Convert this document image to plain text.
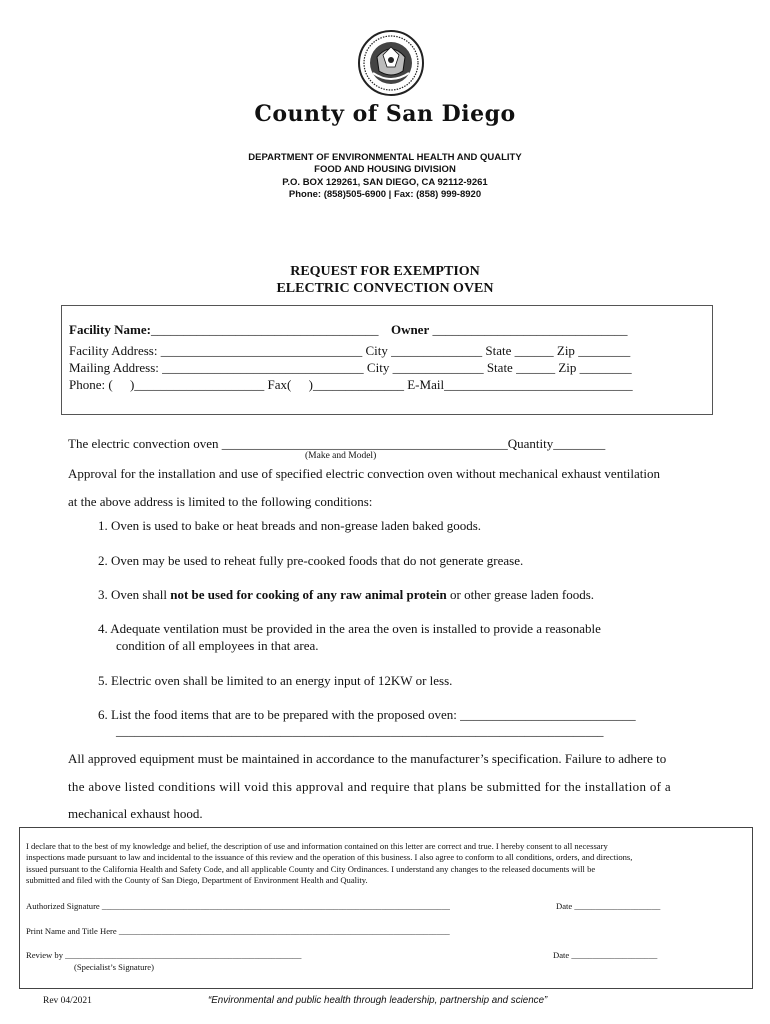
County of San Diego
DEPARTMENT OF ENVIRONMENTAL HEALTH AND QUALITY
FOOD AND HOUSING DIVISION
P.O. BOX 129261, SAN DIEGO, CA 92112-9261
Phone: (858)505-6900 | Fax: (858) 999-8920
REQUEST FOR EXEMPTION
ELECTRIC CONVECTION OVEN
Facility Name:___________________________________ Owner ______________________________
Facility Address: _______________________________ City ______________ State ______ Zip ________
Mailing Address: _______________________________ City ______________ State ______ Zip ________
Phone: ( )____________________ Fax( )______________ E-Mail_____________________________
The electric convection oven ____________________________________________Quantity________
(Make and Model)
Approval for the installation and use of specified electric convection oven without mechanical exhaust ventilation
at the above address is limited to the following conditions:
1. Oven is used to bake or heat breads and non-grease laden baked goods.
2. Oven may be used to reheat fully pre-cooked foods that do not generate grease.
3. Oven shall not be used for cooking of any raw animal protein or other grease laden foods.
4. Adequate ventilation must be provided in the area the oven is installed to provide a reasonable
condition of all employees in that area.
5. Electric oven shall be limited to an energy input of 12KW or less.
6. List the food items that are to be prepared with the proposed oven: ___________________________
________________________________________________________________________________
All approved equipment must be maintained in accordance to the manufacturer’s specification. Failure to adhere to
the above listed conditions will void this approval and require that plans be submitted for the installation of a
mechanical exhaust hood.
I declare that to the best of my knowledge and belief, the description of use and information contained on this letter are correct and true. I hereby consent to all necessary
inspections made pursuant to law and incidental to the issuance of this review and the operation of this business. I also agree to conform to all conditions, orders, and directions,
issued pursuant to the California Health and Safety Code, and all applicable County and City Ordinances. I understand any changes to the released documents will be
submitted and filed with the County of San Diego, Department of Environment Health and Quality.
Authorized Signature _________________________________________________________________________________	Date ____________________
Print Name and Title Here _____________________________________________________________________________
Review by _______________________________________________________	Date ____________________
(Specialist’s Signature)
Rev 04/2021	“Environmental and public health through leadership, partnership and science”
